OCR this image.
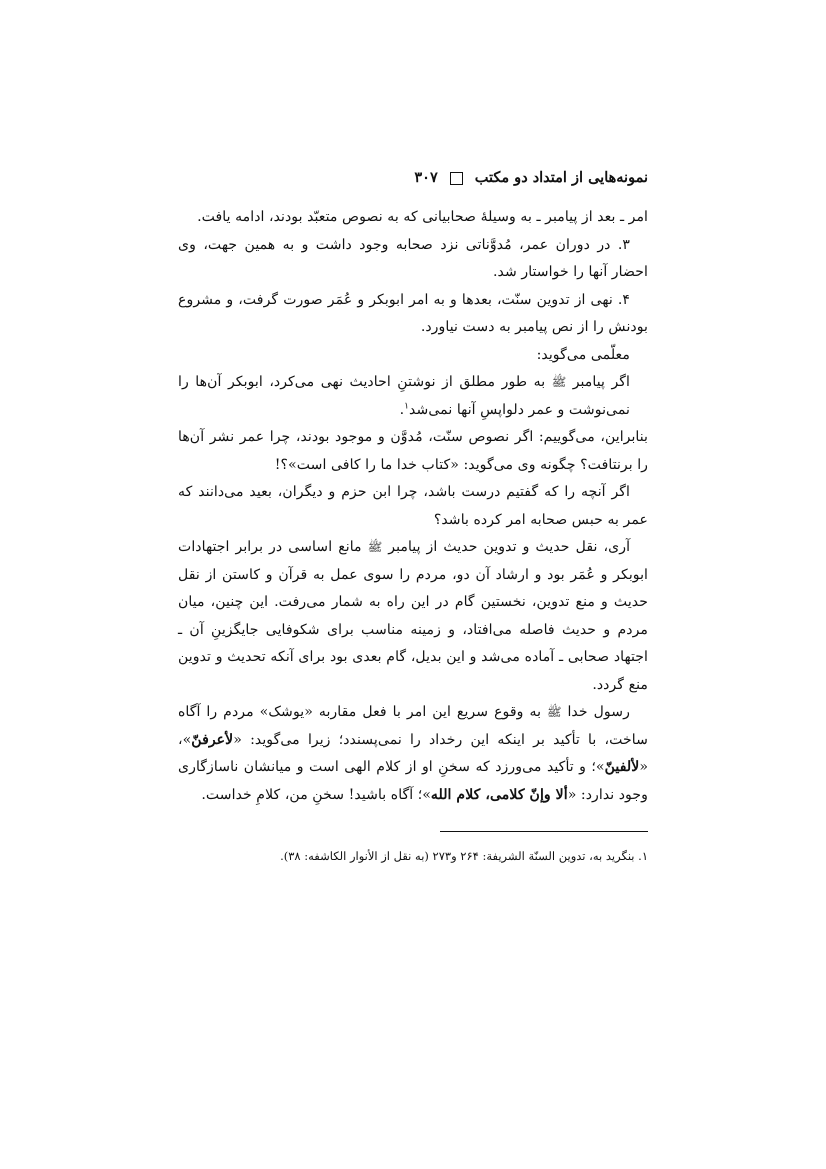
نمونه‌هایی از امتداد دو مکتب
۳۰۷

امر ـ بعد از پیامبر ـ به وسیلهٔ صحابیانی که به نصوص متعبّد بودند، ادامه یافت.

۳. در دوران عمر، مُدوَّناتی نزد صحابه وجود داشت و به همین جهت، وی احضار آنها را خواستار شد.

۴. نهی از تدوین سنّت، بعدها و به امر ابوبکر و عُمَر صورت گرفت، و مشروع بودنش را از نص پیامبر به دست نیاورد.

معلّمی می‌گوید:

اگر پیامبر ﷺ به طور مطلق از نوشتنِ احادیث نهی می‌کرد، ابوبکر آن‌ها را نمی‌نوشت و عمر دلواپسِ آنها نمی‌شد$^۱$.

بنابراین، می‌گوییم: اگر نصوص سنّت، مُدوَّن و موجود بودند، چرا عمر نشر آن‌ها را برنتافت؟ چگونه وی می‌گوید: «کتاب خدا ما را کافی است»؟!

اگر آنچه را که گفتیم درست باشد، چرا ابن حزم و دیگران، بعید می‌دانند که عمر به حبس صحابه امر کرده باشد؟

آری، نقل حدیث و تدوین حدیث از پیامبر ﷺ مانع اساسی در برابر اجتهادات ابوبکر و عُمَر بود و ارشاد آن دو، مردم را سوی عمل به قرآن و کاستن از نقل حدیث و منع تدوین، نخستین گام در این راه به شمار می‌رفت. این چنین، میان مردم و حدیث فاصله می‌افتاد، و زمینه مناسب برای شکوفایی جایگزینِ آن ـ اجتهاد صحابی ـ آماده می‌شد و این بدیل، گام بعدی بود برای آنکه تحدیث و تدوین منع گردد.

رسول خدا ﷺ به وقوع سریع این امر با فعل مقاربه «یوشک» مردم را آگاه ساخت، با تأکید بر اینکه این رخداد را نمی‌پسندد؛ زیرا می‌گوید: «لأعرفنّ»، «لألفینّ»؛ و تأکید می‌ورزد که سخنِ او از کلام الهی است و میانشان ناسازگاری وجود ندارد: «ألا وإنّ کلامی، کلام الله»؛ آگاه باشید! سخنِ من، کلامِ خداست.

۱. بنگرید به، تدوین السنّة الشریفة: ۲۶۴ و۲۷۳ (به نقل از الأنوار الکاشفه: ۳۸).
